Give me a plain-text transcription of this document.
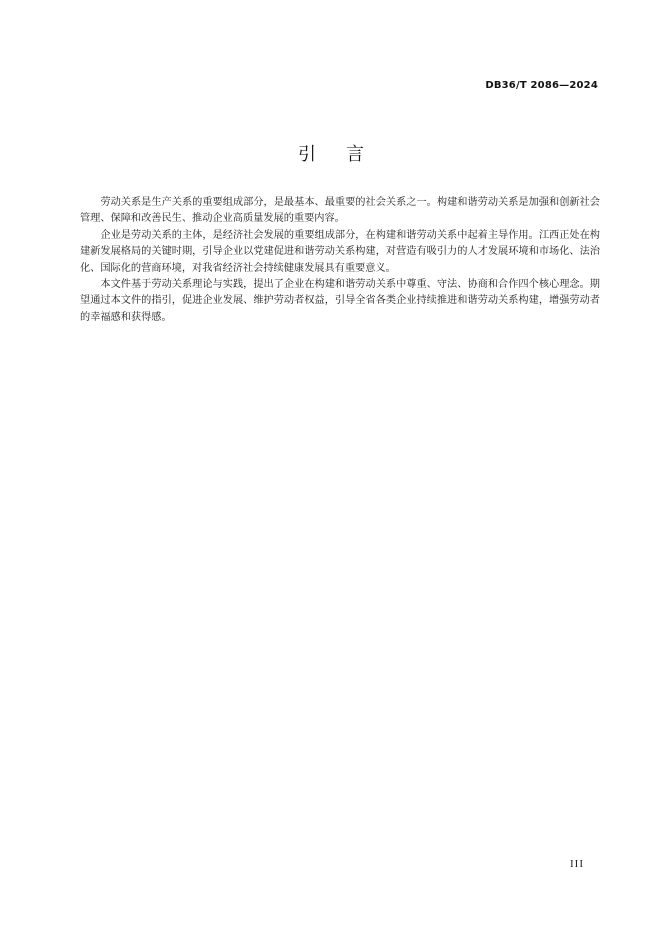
DB36/T 2086—2024
引言

劳动关系是生产关系的重要组成部分，是最基本、最重要的社会关系之一。构建和谐劳动关系是加强和创新社会管理、保障和改善民生、推动企业高质量发展的重要内容。

企业是劳动关系的主体，是经济社会发展的重要组成部分，在构建和谐劳动关系中起着主导作用。江西正处在构建新发展格局的关键时期，引导企业以党建促进和谐劳动关系构建，对营造有吸引力的人才发展环境和市场化、法治化、国际化的营商环境，对我省经济社会持续健康发展具有重要意义。

本文件基于劳动关系理论与实践，提出了企业在构建和谐劳动关系中尊重、守法、协商和合作四个核心理念。期望通过本文件的指引，促进企业发展、维护劳动者权益，引导全省各类企业持续推进和谐劳动关系构建，增强劳动者的幸福感和获得感。

III
